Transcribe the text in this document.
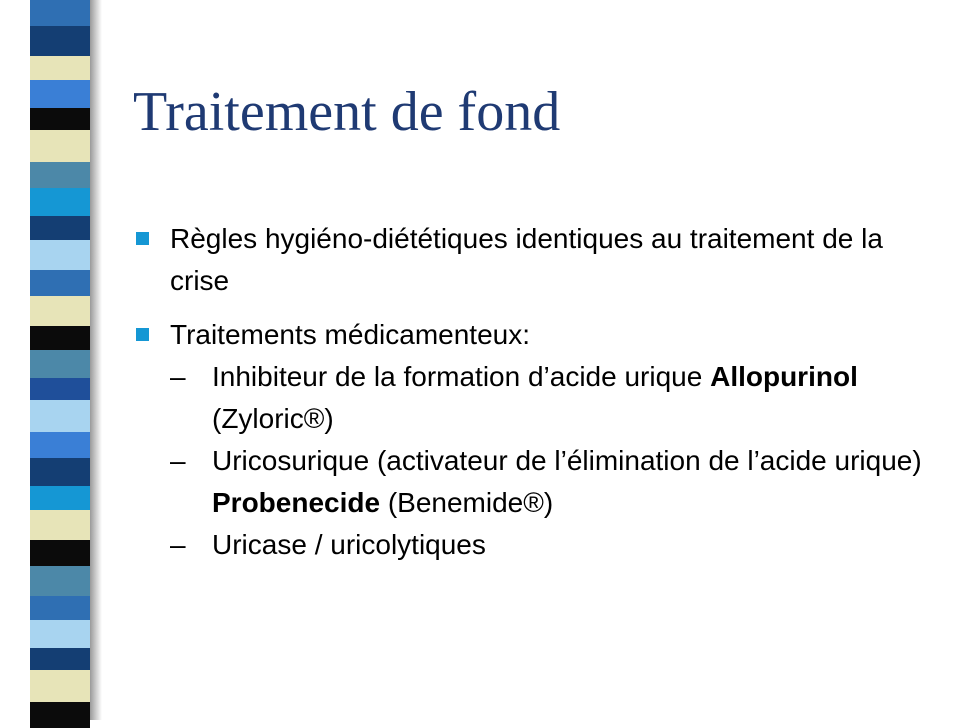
Traitement de fond
Règles hygiéno-diététiques identiques au traitement de la crise
Traitements médicamenteux:
– Inhibiteur de la formation d’acide urique Allopurinol (Zyloric®)
– Uricosurique (activateur de l’élimination de l’acide urique) Probenecide (Benemide®)
– Uricase / uricolytiques
